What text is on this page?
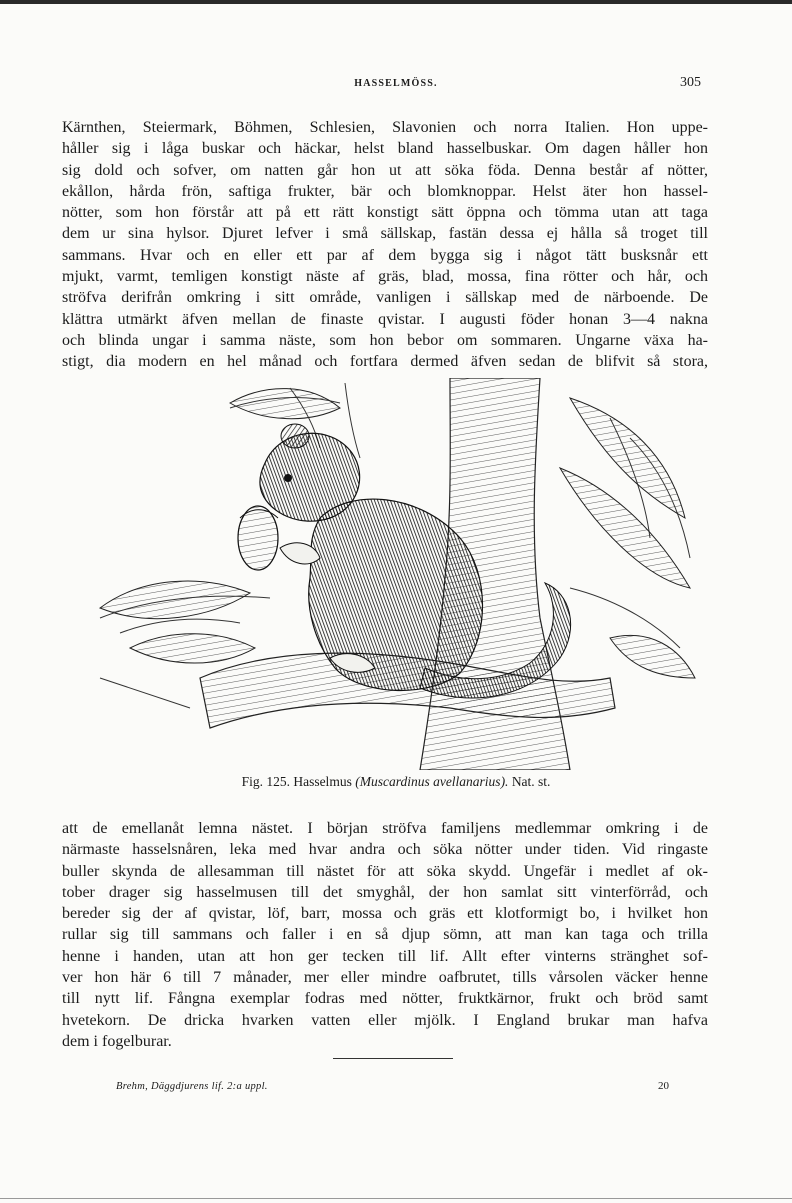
HASSELMÖSS.	305
Kärnthen, Steiermark, Böhmen, Schlesien, Slavonien och norra Italien. Hon uppe-
håller sig i låga buskar och häckar, helst bland hasselbuskar. Om dagen håller hon
sig dold och sofver, om natten går hon ut att söka föda. Denna består af nötter,
ekållon, hårda frön, saftiga frukter, bär och blomknoppar. Helst äter hon hassel-
nötter, som hon förstår att på ett rätt konstigt sätt öppna och tömma utan att taga
dem ur sina hylsor. Djuret lefver i små sällskap, fastän dessa ej hålla så troget till
sammans. Hvar och en eller ett par af dem bygga sig i något tätt busksnår ett
mjukt, varmt, temligen konstigt näste af gräs, blad, mossa, fina rötter och hår, och
ströfva derifrån omkring i sitt område, vanligen i sällskap med de närboende. De
klättra utmärkt äfven mellan de finaste qvistar. I augusti föder honan 3—4 nakna
och blinda ungar i samma näste, som hon bebor om sommaren. Ungarne växa ha-
stigt, dia modern en hel månad och fortfara dermed äfven sedan de blifvit så stora,
Fig. 125. Hasselmus (Muscardinus avellanarius). Nat. st.
att de emellanåt lemna nästet. I början ströfva familjens medlemmar omkring i de
närmaste hasselsnåren, leka med hvar andra och söka nötter under tiden. Vid ringaste
buller skynda de allesamman till nästet för att söka skydd. Ungefär i medlet af ok-
tober drager sig hasselmusen till det smyghål, der hon samlat sitt vinterförråd, och
bereder sig der af qvistar, löf, barr, mossa och gräs ett klotformigt bo, i hvilket hon
rullar sig till sammans och faller i en så djup sömn, att man kan taga och trilla
henne i handen, utan att hon ger tecken till lif. Allt efter vinterns stränghet sof-
ver hon här 6 till 7 månader, mer eller mindre oafbrutet, tills vårsolen väcker henne
till nytt lif. Fångna exemplar fodras med nötter, fruktkärnor, frukt och bröd samt
hvetekorn. De dricka hvarken vatten eller mjölk. I England brukar man hafva
dem i fogelburar.
Brehm, Däggdjurens lif. 2:a uppl.	20
